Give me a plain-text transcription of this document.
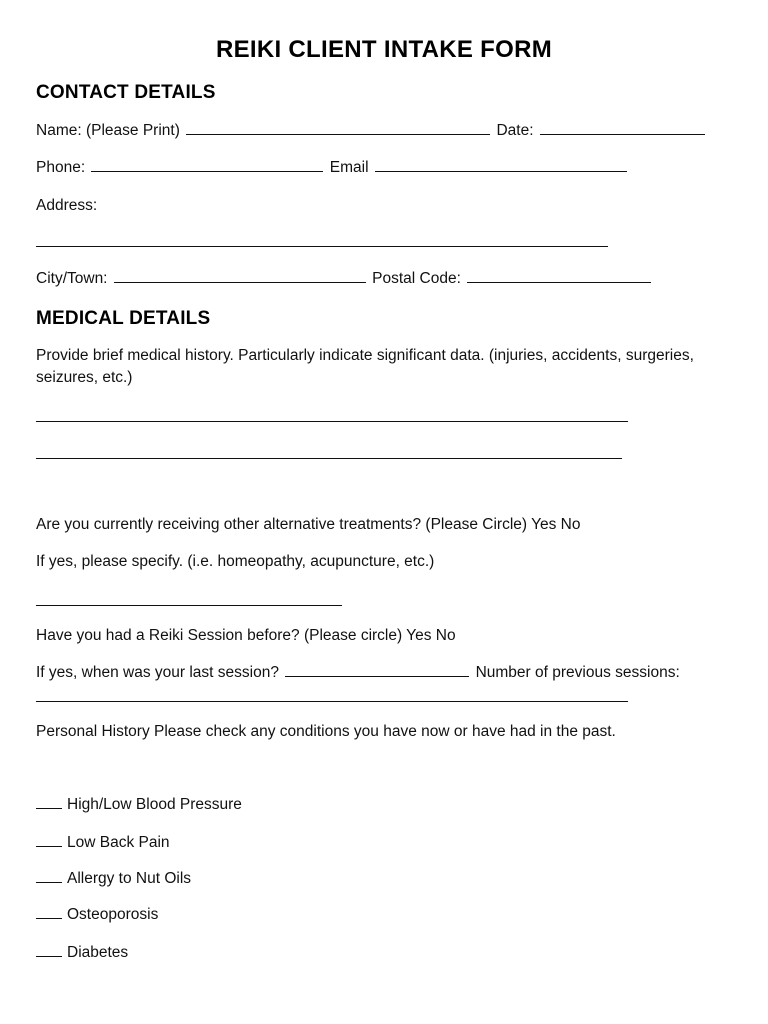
REIKI CLIENT INTAKE FORM
CONTACT DETAILS
Name: (Please Print)	Date:
Phone:	Email
Address:
City/Town:	Postal Code:
MEDICAL DETAILS
Provide brief medical history. Particularly indicate significant data. (injuries, accidents, surgeries, seizures, etc.)
Are you currently receiving other alternative treatments? (Please Circle) Yes No
If yes, please specify. (i.e. homeopathy, acupuncture, etc.)
Have you had a Reiki Session before? (Please circle) Yes No
If yes, when was your last session?	Number of previous sessions:
Personal History Please check any conditions you have now or have had in the past.
High/Low Blood Pressure
Low Back Pain
Allergy to Nut Oils
Osteoporosis
Diabetes
